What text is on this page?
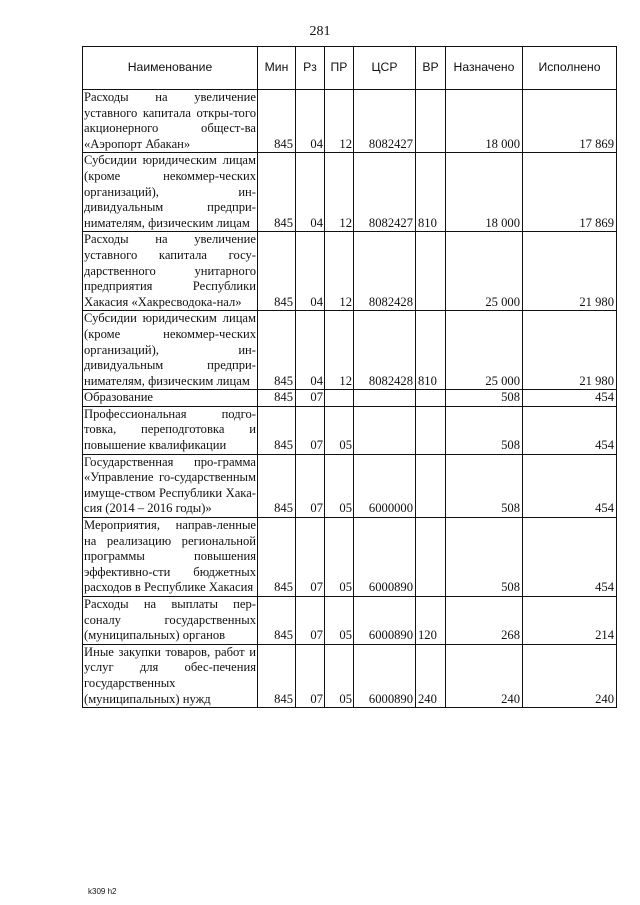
281
Наименование	Мин	Рз	ПР	ЦСР	ВР	Назначено	Исполнено
Расходы на увеличение уставного капитала откры-того акционерного общест-ва «Аэропорт Абакан»	845	04	12	8082427		18 000	17 869
Субсидии юридическим лицам (кроме некоммер-ческих организаций), ин-дивидуальным предпри-нимателям, физическим лицам	845	04	12	8082427	810	18 000	17 869
Расходы на увеличение уставного капитала госу-дарственного унитарного предприятия Республики Хакасия «Хакресводока-нал»	845	04	12	8082428		25 000	21 980
Субсидии юридическим лицам (кроме некоммер-ческих организаций), ин-дивидуальным предпри-нимателям, физическим лицам	845	04	12	8082428	810	25 000	21 980
Образование	845	07				508	454
Профессиональная подго-товка, переподготовка и повышение квалификации	845	07	05			508	454
Государственная про-грамма «Управление го-сударственным имуще-ством Республики Хака-сия (2014 – 2016 годы)»	845	07	05	6000000		508	454
Мероприятия, направ-ленные на реализацию региональной программы повышения эффективно-сти бюджетных расходов в Республике Хакасия	845	07	05	6000890		508	454
Расходы на выплаты пер-соналу государственных (муниципальных) органов	845	07	05	6000890	120	268	214
Иные закупки товаров, работ и услуг для обес-печения государственных (муниципальных) нужд	845	07	05	6000890	240	240	240
k309 h2
